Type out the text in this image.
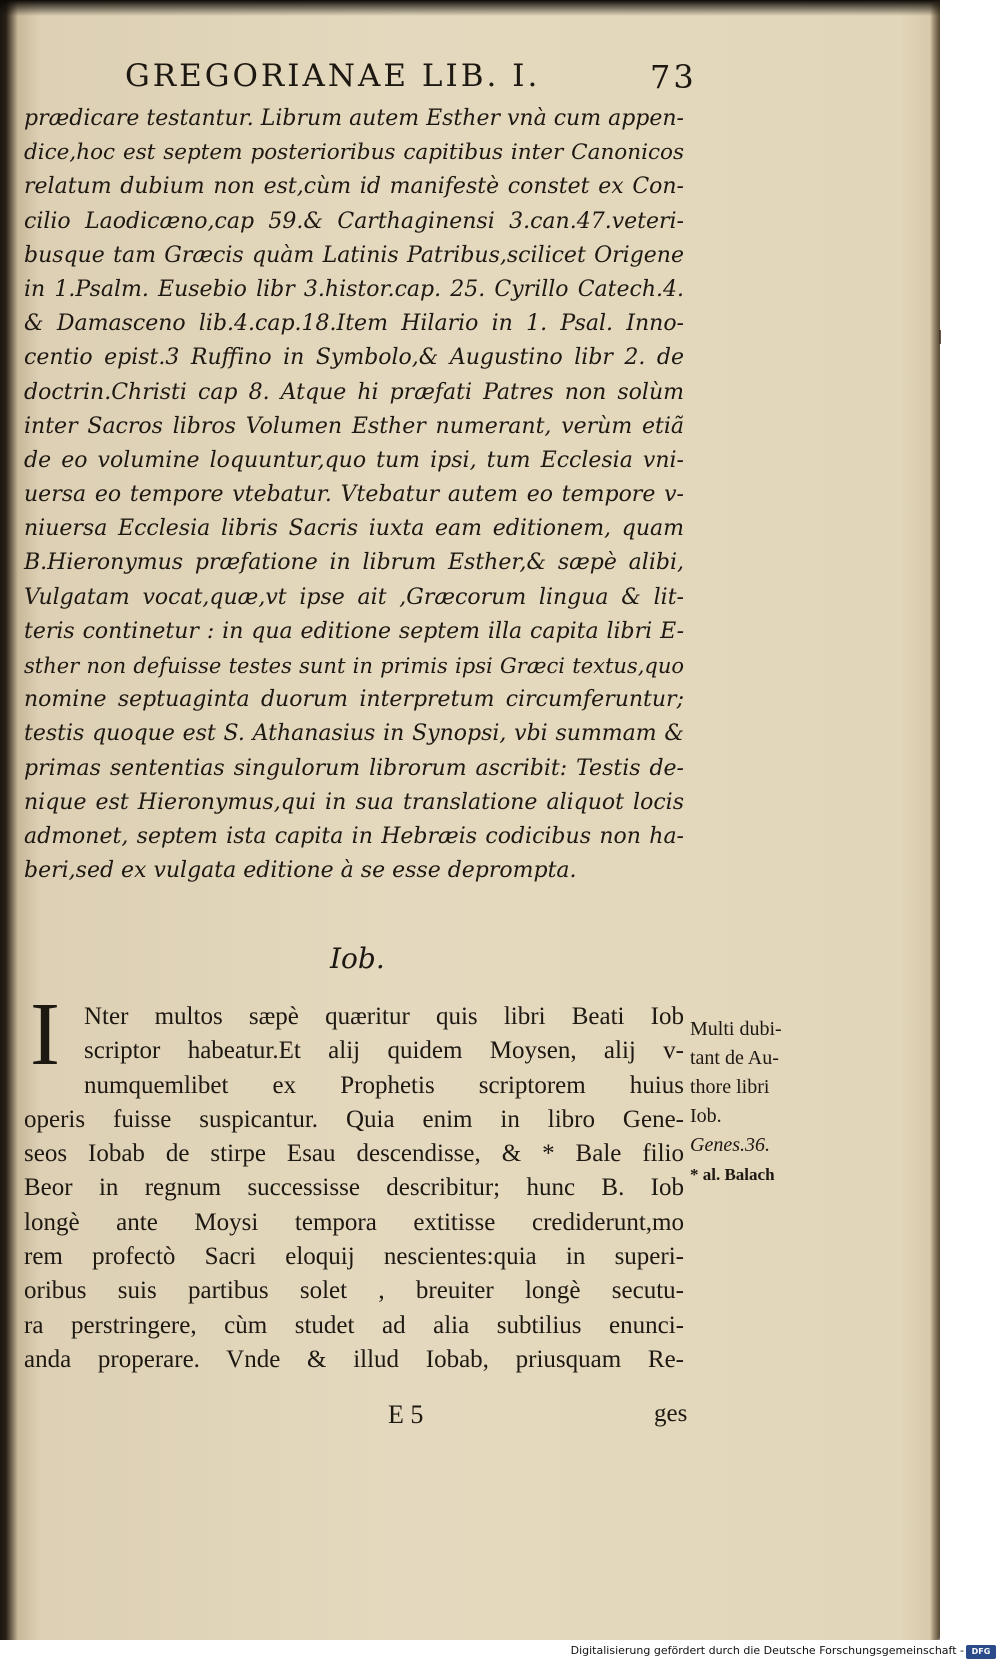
GREGORIANAE LIB. I.	73
prædicare testantur. Librum autem Esther vnà cum appen-
dice,hoc est septem posterioribus capitibus inter Canonicos
relatum dubium non est,cùm id manifestè constet ex Con-
cilio Laodicæno,cap 59.& Carthaginensi 3.can.47.veteri-
busque tam Græcis quàm Latinis Patribus,scilicet Origene
in 1.Psalm. Eusebio libr 3.histor.cap. 25. Cyrillo Catech.4.
& Damasceno lib.4.cap.18.Item Hilario in 1. Psal. Inno-
centio epist.3 Ruffino in Symbolo,& Augustino libr 2. de
doctrin.Christi cap 8. Atque hi præfati Patres non solùm
inter Sacros libros Volumen Esther numerant, verùm etiã
de eo volumine loquuntur,quo tum ipsi, tum Ecclesia vni-
uersa eo tempore vtebatur. Vtebatur autem eo tempore v-
niuersa Ecclesia libris Sacris iuxta eam editionem, quam
B.Hieronymus præfatione in librum Esther,& sæpè alibi,
Vulgatam vocat,quæ,vt ipse ait ,Græcorum lingua & lit-
teris continetur : in qua editione septem illa capita libri E-
sther non defuisse testes sunt in primis ipsi Græci textus,quo
nomine septuaginta duorum interpretum circumferuntur;
testis quoque est S. Athanasius in Synopsi, vbi summam &
primas sententias singulorum librorum ascribit: Testis de-
nique est Hieronymus,qui in sua translatione aliquot locis
admonet, septem ista capita in Hebræis codicibus non ha-
beri,sed ex vulgata editione à se esse deprompta.
Iob.
I Nter multos sæpè quæritur quis libri Beati Iob
scriptor habeatur.Et alij quidem Moysen, alij v-
numquemlibet ex Prophetis scriptorem huius
operis fuisse suspicantur. Quia enim in libro Gene-
seos Iobab de stirpe Esau descendisse, & * Bale filio
Beor in regnum successisse describitur; hunc B. Iob
longè ante Moysi tempora extitisse crediderunt,mo
rem profectò Sacri eloquij nescientes:quia in superi-
oribus suis partibus solet , breuiter longè secutu-
ra perstringere, cùm studet ad alia subtilius enunci-
anda properare. Vnde & illud Iobab, priusquam Re-
Multi dubi-
tant de Au-
thore libri
Iob.
Genes.36.
* al. Balach
E 5	ges
Digitalisierung gefördert durch die Deutsche Forschungsgemeinschaft - DFG
